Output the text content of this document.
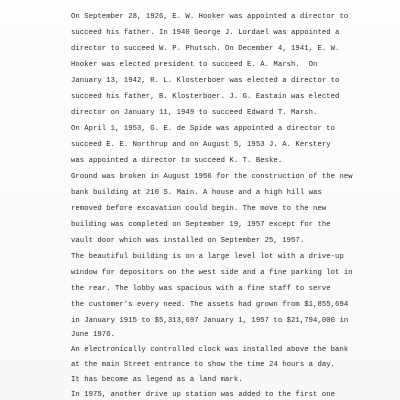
On September 28, 1926, E. W. Hooker was appointed a director to
succeed his father. In 1940 George J. Lordael was appointed a
director to succeed W. P. Phutsch. On December 4, 1941, E. W.
Hooker was elected president to succeed E. A. Marsh.  On
January 13, 1942, R. L. Klosterboer was elected a director to
succeed his father, B. Klosterboer. J. G. Eastain was elected
director on January 11, 1949 to succeed Edward T. Marsh.
On April 1, 1953, G. E. de Spide was appointed a director to
succeed E. E. Northrup and on August 5, 1953 J. A. Kerstery
was appointed a director to succeed K. T. Beske.
Ground was broken in August 1956 for the construction of the new
bank building at 210 S. Main. A house and a high hill was
removed before excavation could begin. The move to the new
building was completed on September 19, 1957 except for the
vault door which was installed on September 25, 1957.
The beautiful building is on a large level lot with a drive-up
window for depositors on the west side and a fine parking lot in
the rear. The lobby was spacious with a fine staff to serve
the customer's every need. The assets had grown from $1,855,694
in January 1915 to $5,313,697 January 1, 1957 to $21,794,000 in
June 1976.
An electronically controlled clock was installed above the bank
at the main Street entrance to show the time 24 hours a day.
It has become as legend as a land mark.
In 1975, another drive up station was added to the first one
